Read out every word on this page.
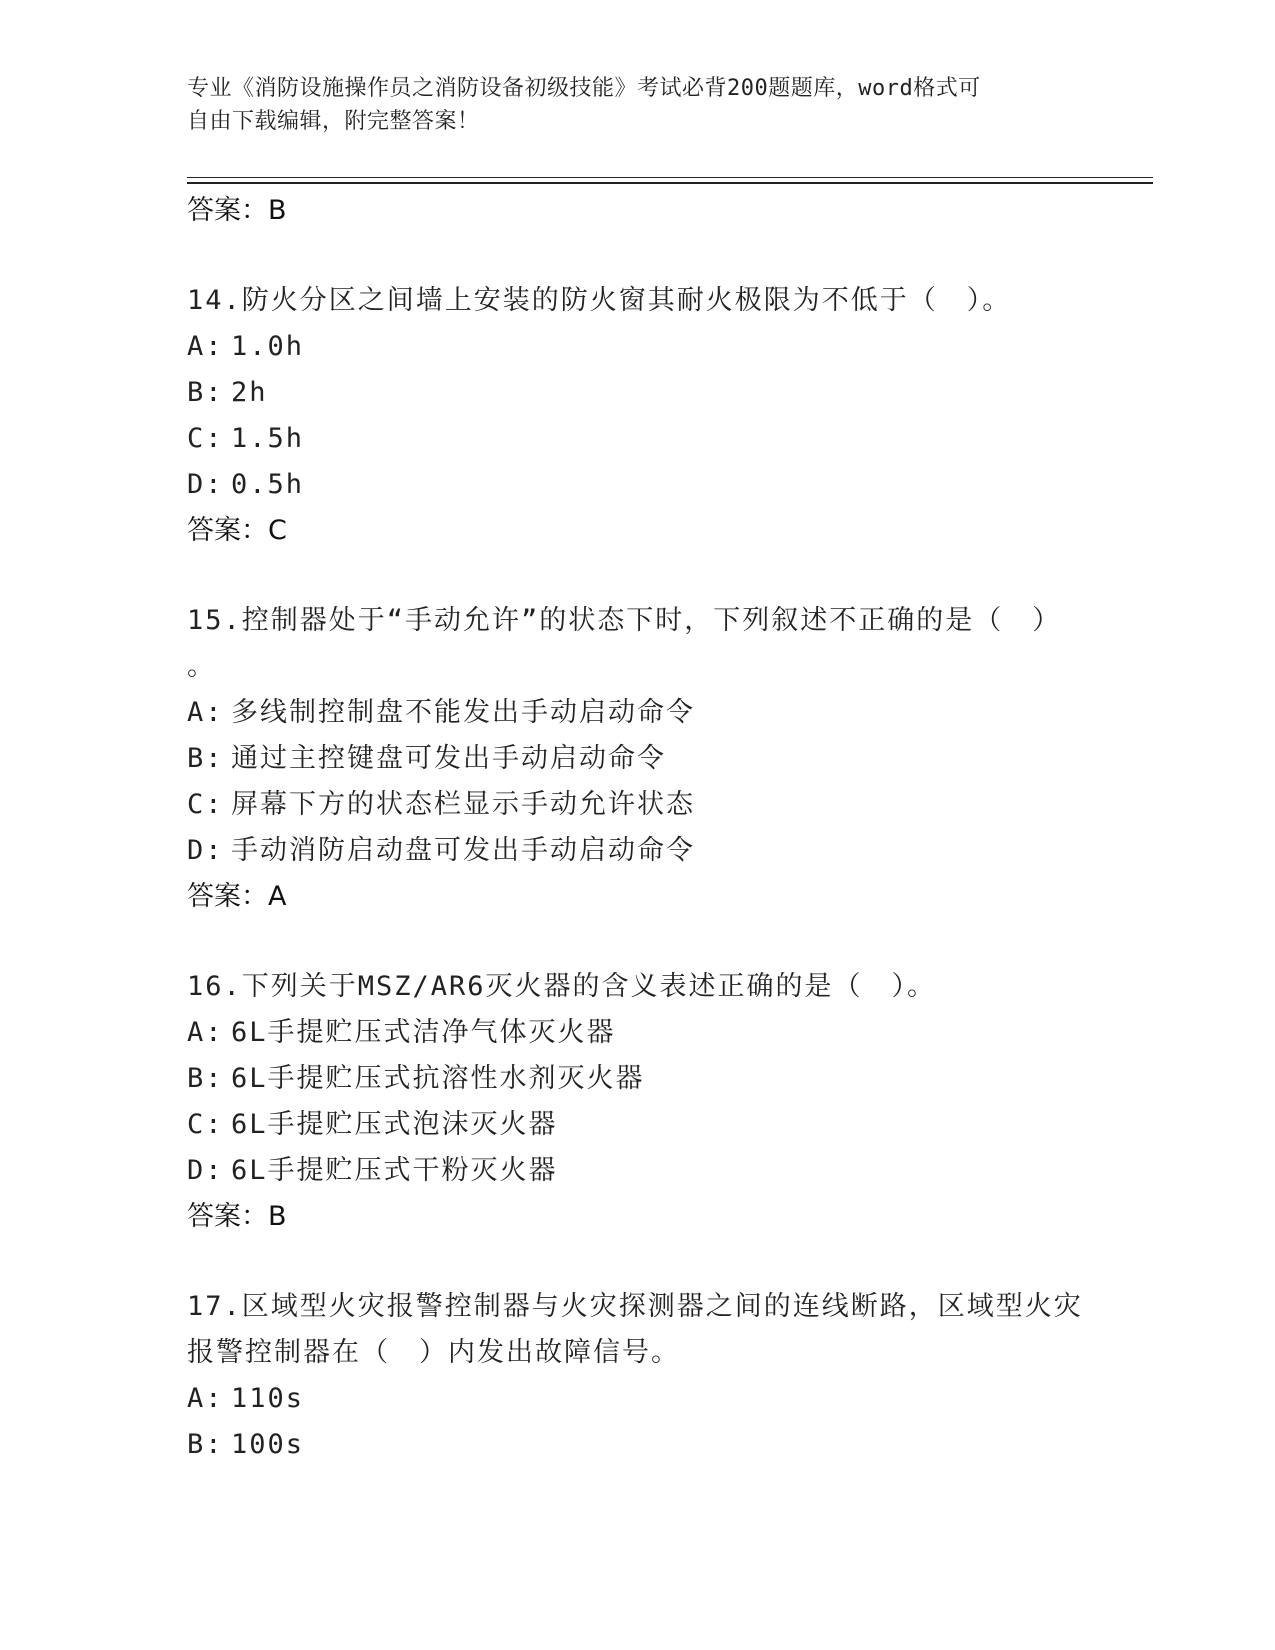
专业《消防设施操作员之消防设备初级技能》考试必背200题题库，word格式可
自由下载编辑，附完整答案！
答案：B
14.防火分区之间墙上安装的防火窗其耐火极限为不低于（　）。
A: 1.0h
B: 2h
C: 1.5h
D: 0.5h
答案：C
15.控制器处于“手动允许”的状态下时，下列叙述不正确的是（　）
。
A: 多线制控制盘不能发出手动启动命令
B: 通过主控键盘可发出手动启动命令
C: 屏幕下方的状态栏显示手动允许状态
D: 手动消防启动盘可发出手动启动命令
答案：A
16.下列关于MSZ/AR6灭火器的含义表述正确的是（　）。
A: 6L手提贮压式洁净气体灭火器
B: 6L手提贮压式抗溶性水剂灭火器
C: 6L手提贮压式泡沫灭火器
D: 6L手提贮压式干粉灭火器
答案：B
17.区域型火灾报警控制器与火灾探测器之间的连线断路，区域型火灾
报警控制器在（　）内发出故障信号。
A: 110s
B: 100s
